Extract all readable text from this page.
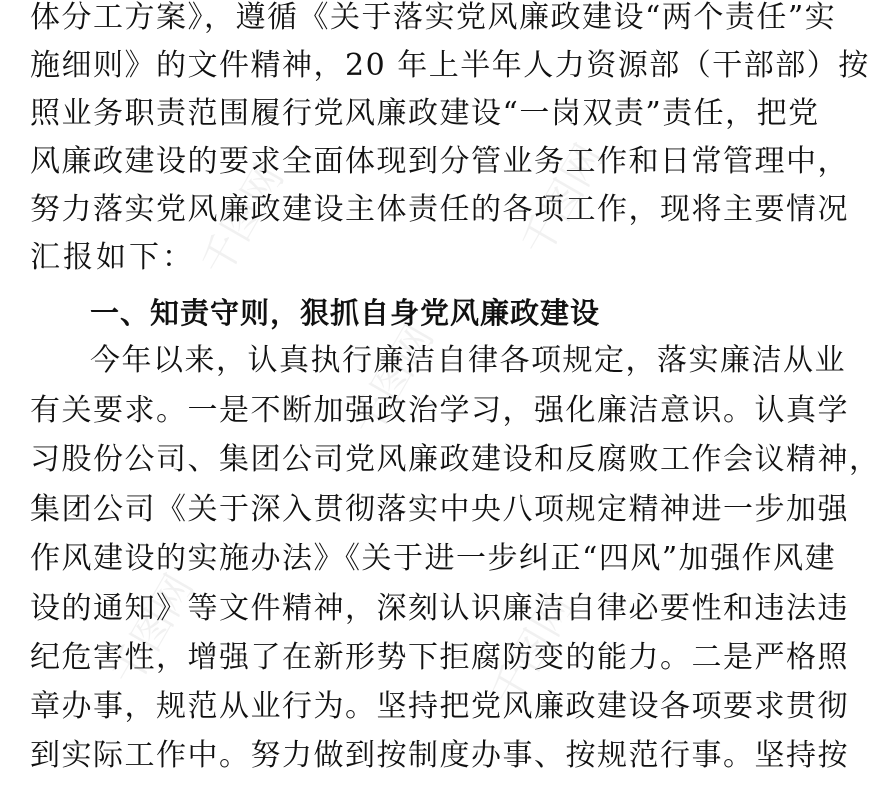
千图网	千图网
千图网
千图网	千图网
体分工方案》，遵循《关于落实党风廉政建设“两个责任”实
施细则》的文件精神，20 年上半年人力资源部（干部部）按
照业务职责范围履行党风廉政建设“一岗双责”责任，把党
风廉政建设的要求全面体现到分管业务工作和日常管理中，
努力落实党风廉政建设主体责任的各项工作，现将主要情况
汇报如下：
一、知责守则，狠抓自身党风廉政建设
今年以来，认真执行廉洁自律各项规定，落实廉洁从业
有关要求。一是不断加强政治学习，强化廉洁意识。认真学
习股份公司、集团公司党风廉政建设和反腐败工作会议精神，
集团公司《关于深入贯彻落实中央八项规定精神进一步加强
作风建设的实施办法》《关于进一步纠正“四风”加强作风建
设的通知》等文件精神，深刻认识廉洁自律必要性和违法违
纪危害性，增强了在新形势下拒腐防变的能力。二是严格照
章办事，规范从业行为。坚持把党风廉政建设各项要求贯彻
到实际工作中。努力做到按制度办事、按规范行事。坚持按
